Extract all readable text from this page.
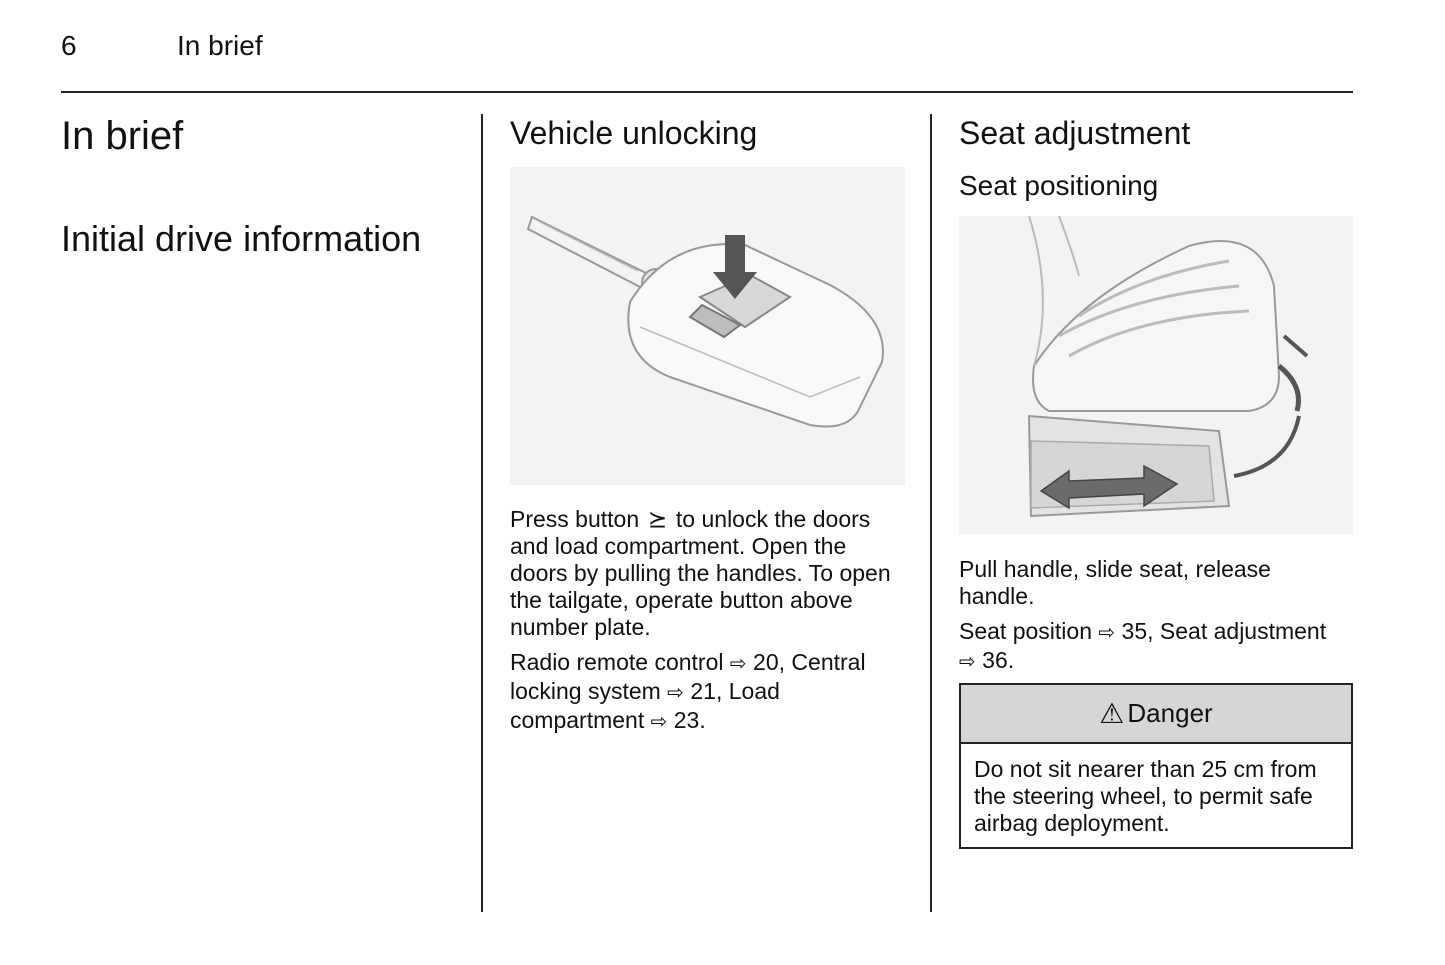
6	In brief
In brief
Initial drive information
Vehicle unlocking
Press button ⪰ to unlock the doors
and load compartment. Open the
doors by pulling the handles. To open
the tailgate, operate button above
number plate.
Radio remote control ⇨ 20, Central
locking system ⇨ 21, Load
compartment ⇨ 23.
Seat adjustment
Seat positioning
Pull handle, slide seat, release
handle.
Seat position ⇨ 35, Seat adjustment
⇨ 36.
⚠ Danger
Do not sit nearer than 25 cm from
the steering wheel, to permit safe
airbag deployment.
